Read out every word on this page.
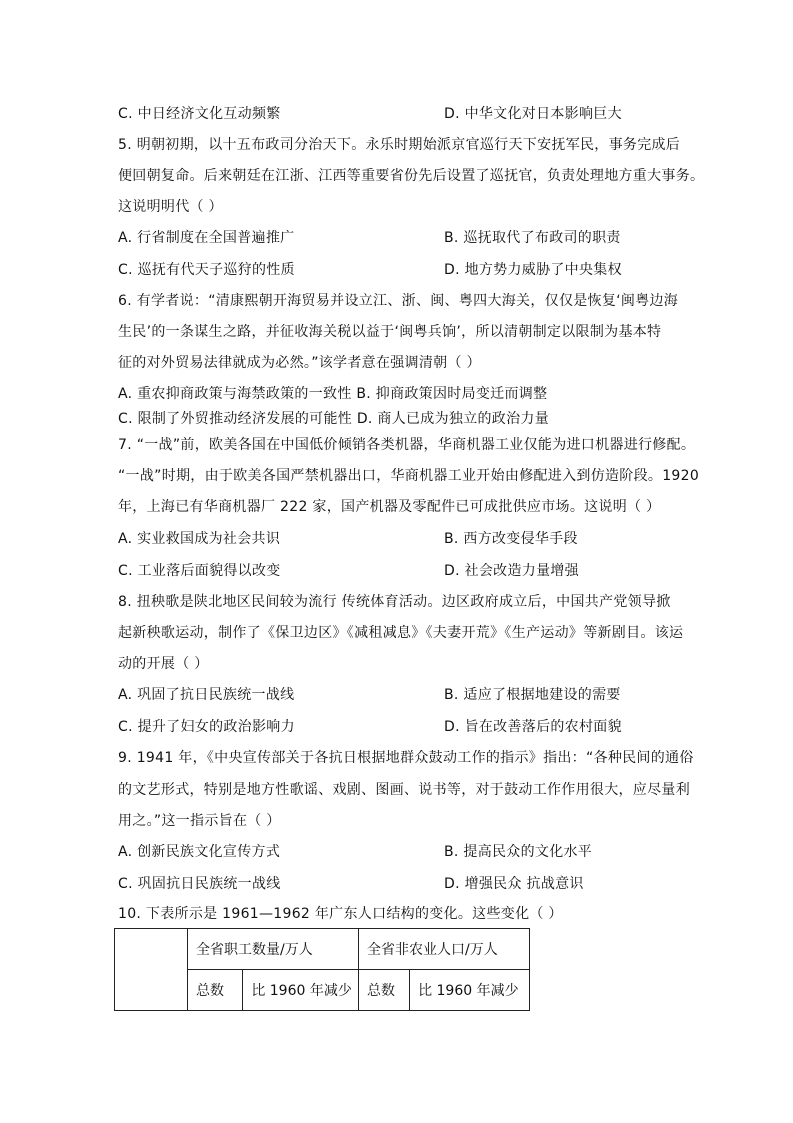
C. 中日经济文化互动频繁	D. 中华文化对日本影响巨大
5. 明朝初期，以十五布政司分治天下。永乐时期始派京官巡行天下安抚军民，事务完成后
便回朝复命。后来朝廷在江浙、江西等重要省份先后设置了巡抚官，负责处理地方重大事务。
这说明明代（ ）
A. 行省制度在全国普遍推广	B. 巡抚取代了布政司的职责
C. 巡抚有代天子巡狩的性质	D. 地方势力威胁了中央集权
6. 有学者说：“清康熙朝开海贸易并设立江、浙、闽、粤四大海关，仅仅是恢复‘闽粤边海
生民’的一条谋生之路，并征收海关税以益于‘闽粤兵饷’，所以清朝制定以限制为基本特
征的对外贸易法律就成为必然。”该学者意在强调清朝（ ）
A. 重农抑商政策与海禁政策的一致性 B. 抑商政策因时局变迁而调整
C. 限制了外贸推动经济发展的可能性 D. 商人已成为独立的政治力量
7. “一战”前，欧美各国在中国低价倾销各类机器，华商机器工业仅能为进口机器进行修配。
“一战”时期，由于欧美各国严禁机器出口，华商机器工业开始由修配进入到仿造阶段。1920
年，上海已有华商机器厂 222 家，国产机器及零配件已可成批供应市场。这说明（ ）
A. 实业救国成为社会共识	B. 西方改变侵华手段
C. 工业落后面貌得以改变	D. 社会改造力量增强
8. 扭秧歌是陕北地区民间较为流行 传统体育活动。边区政府成立后，中国共产党领导掀
起新秧歌运动，制作了《保卫边区》《减租减息》《夫妻开荒》《生产运动》等新剧目。该运
动的开展（ ）
A. 巩固了抗日民族统一战线	B. 适应了根据地建设的需要
C. 提升了妇女的政治影响力	D. 旨在改善落后的农村面貌
9. 1941 年，《中央宣传部关于各抗日根据地群众鼓动工作的指示》指出：“各种民间的通俗
的文艺形式，特别是地方性歌谣、戏剧、图画、说书等，对于鼓动工作作用很大，应尽量利
用之。”这一指示旨在（ ）
A. 创新民族文化宣传方式	B. 提高民众的文化水平
C. 巩固抗日民族统一战线	D. 增强民众 抗战意识
10. 下表所示是 1961—1962 年广东人口结构的变化。这些变化（ ）
	全省职工数量/万人		全省非农业人口/万人	
	总数	比 1960 年减少	总数	比 1960 年减少
